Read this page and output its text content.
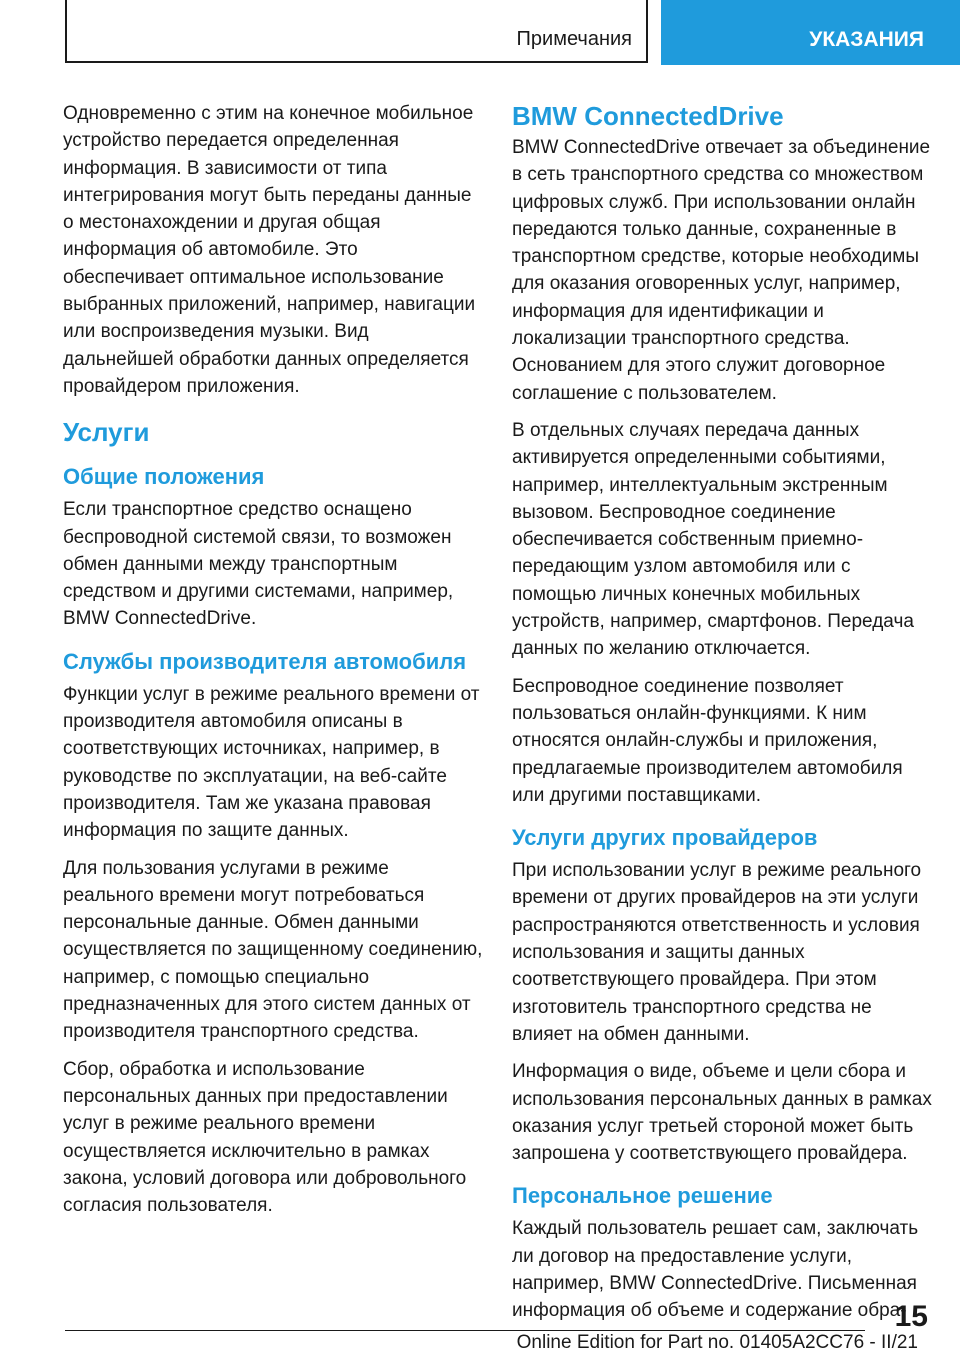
Примечания	УКАЗАНИЯ

Одновременно с этим на конечное мобильное устройство передается определенная информация. В зависимости от типа интегрирования могут быть переданы данные о местонахождении и другая общая информация об автомобиле. Это обеспечивает оптимальное использование выбранных приложений, например, навигации или воспроизведения музыки. Вид дальнейшей обработки данных определяется провайдером приложения.

Услуги
Общие положения

Если транспортное средство оснащено беспроводной системой связи, то возможен обмен данными между транспортным средством и другими системами, например, BMW ConnectedDrive.

Службы производителя автомобиля

Функции услуг в режиме реального времени от производителя автомобиля описаны в соответствующих источниках, например, в руководстве по эксплуатации, на веб-сайте производителя. Там же указана правовая информация по защите данных.

Для пользования услугами в режиме реального времени могут потребоваться персональные данные. Обмен данными осуществляется по защищенному соединению, например, с помощью специально предназначенных для этого систем данных от производителя транспортного средства.

Сбор, обработка и использование персональных данных при предоставлении услуг в режиме реального времени осуществляется исключительно в рамках закона, условий договора или добровольного согласия пользователя.

BMW ConnectedDrive

BMW ConnectedDrive отвечает за объединение в сеть транспортного средства со множеством цифровых служб. При использовании онлайн передаются только данные, сохраненные в транспортном средстве, которые необходимы для оказания оговоренных услуг, например, информация для идентификации и локализации транспортного средства. Основанием для этого служит договорное соглашение с пользователем.

В отдельных случаях передача данных активируется определенными событиями, например, интеллектуальным экстренным вызовом. Беспроводное соединение обеспечивается собственным приемно-передающим узлом автомобиля или с помощью личных конечных мобильных устройств, например, смартфонов. Передача данных по желанию отключается.

Беспроводное соединение позволяет пользоваться онлайн-функциями. К ним относятся онлайн-службы и приложения, предлагаемые производителем автомобиля или другими поставщиками.

Услуги других провайдеров

При использовании услуг в режиме реального времени от других провайдеров на эти услуги распространяются ответственность и условия использования и защиты данных соответствующего провайдера. При этом изготовитель транспортного средства не влияет на обмен данными.

Информация о виде, объеме и цели сбора и использования персональных данных в рамках оказания услуг третьей стороной может быть запрошена у соответствующего провайдера.

Персональное решение

Каждый пользователь решает сам, заключать ли договор на предоставление услуги, например, BMW ConnectedDrive. Письменная информация об объеме и содержание обра-

15
Online Edition for Part no. 01405A2CC76 - II/21
